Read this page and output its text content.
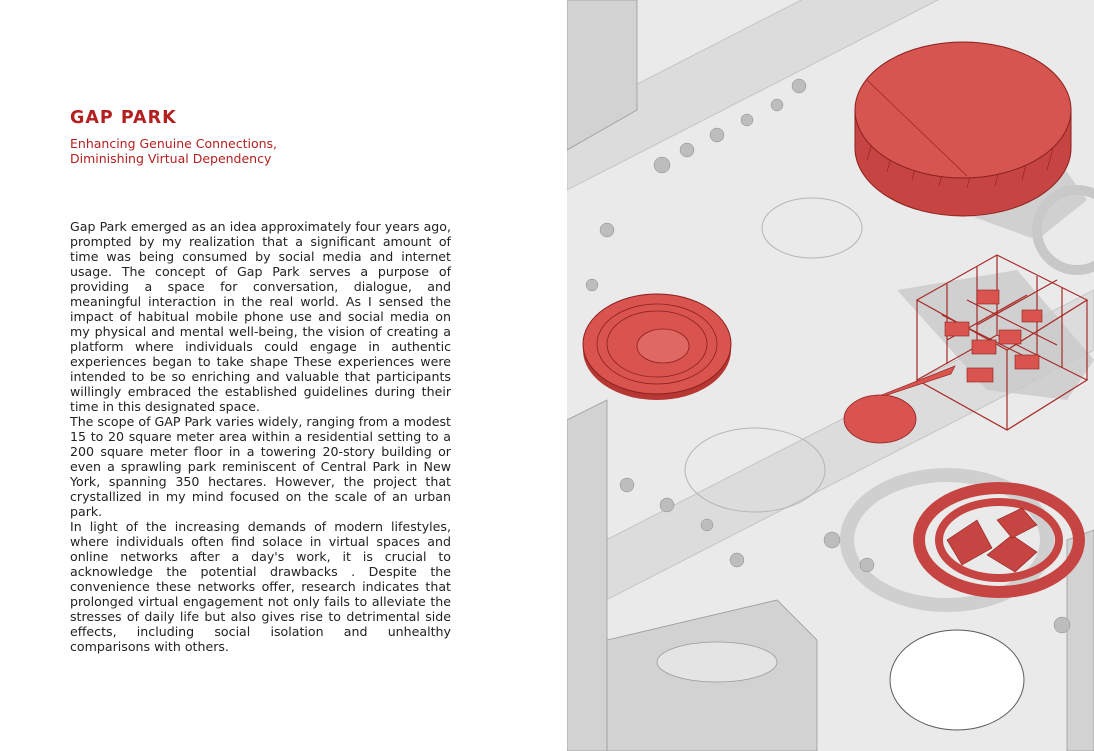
GAP PARK
Enhancing Genuine Connections,
Diminishing Virtual Dependency

Gap Park emerged as an idea approximately four years ago, prompted by my realization that a significant amount of time was being consumed by social media and internet usage. The concept of Gap Park serves a purpose of providing a space for conversation, dialogue, and meaningful interaction in the real world. As I sensed the impact of habitual mobile phone use and social media on my physical and mental well-being, the vision of creating a platform where individuals could engage in authentic experiences began to take shape These experiences were intended to be so enriching and valuable that participants willingly embraced the established guidelines during their time in this designated space.

The scope of GAP Park varies widely, ranging from a modest 15 to 20 square meter area within a residential setting to a 200 square meter floor in a towering 20-story building or even a sprawling park reminiscent of Central Park in New York, spanning 350 hectares. However, the project that crystallized in my mind focused on the scale of an urban park.

In light of the increasing demands of modern lifestyles, where individuals often find solace in virtual spaces and online networks after a day's work, it is crucial to acknowledge the potential drawbacks . Despite the convenience these networks offer, research indicates that prolonged virtual engagement not only fails to alleviate the stresses of daily life but also gives rise to detrimental side effects, including social isolation and unhealthy comparisons with others.
